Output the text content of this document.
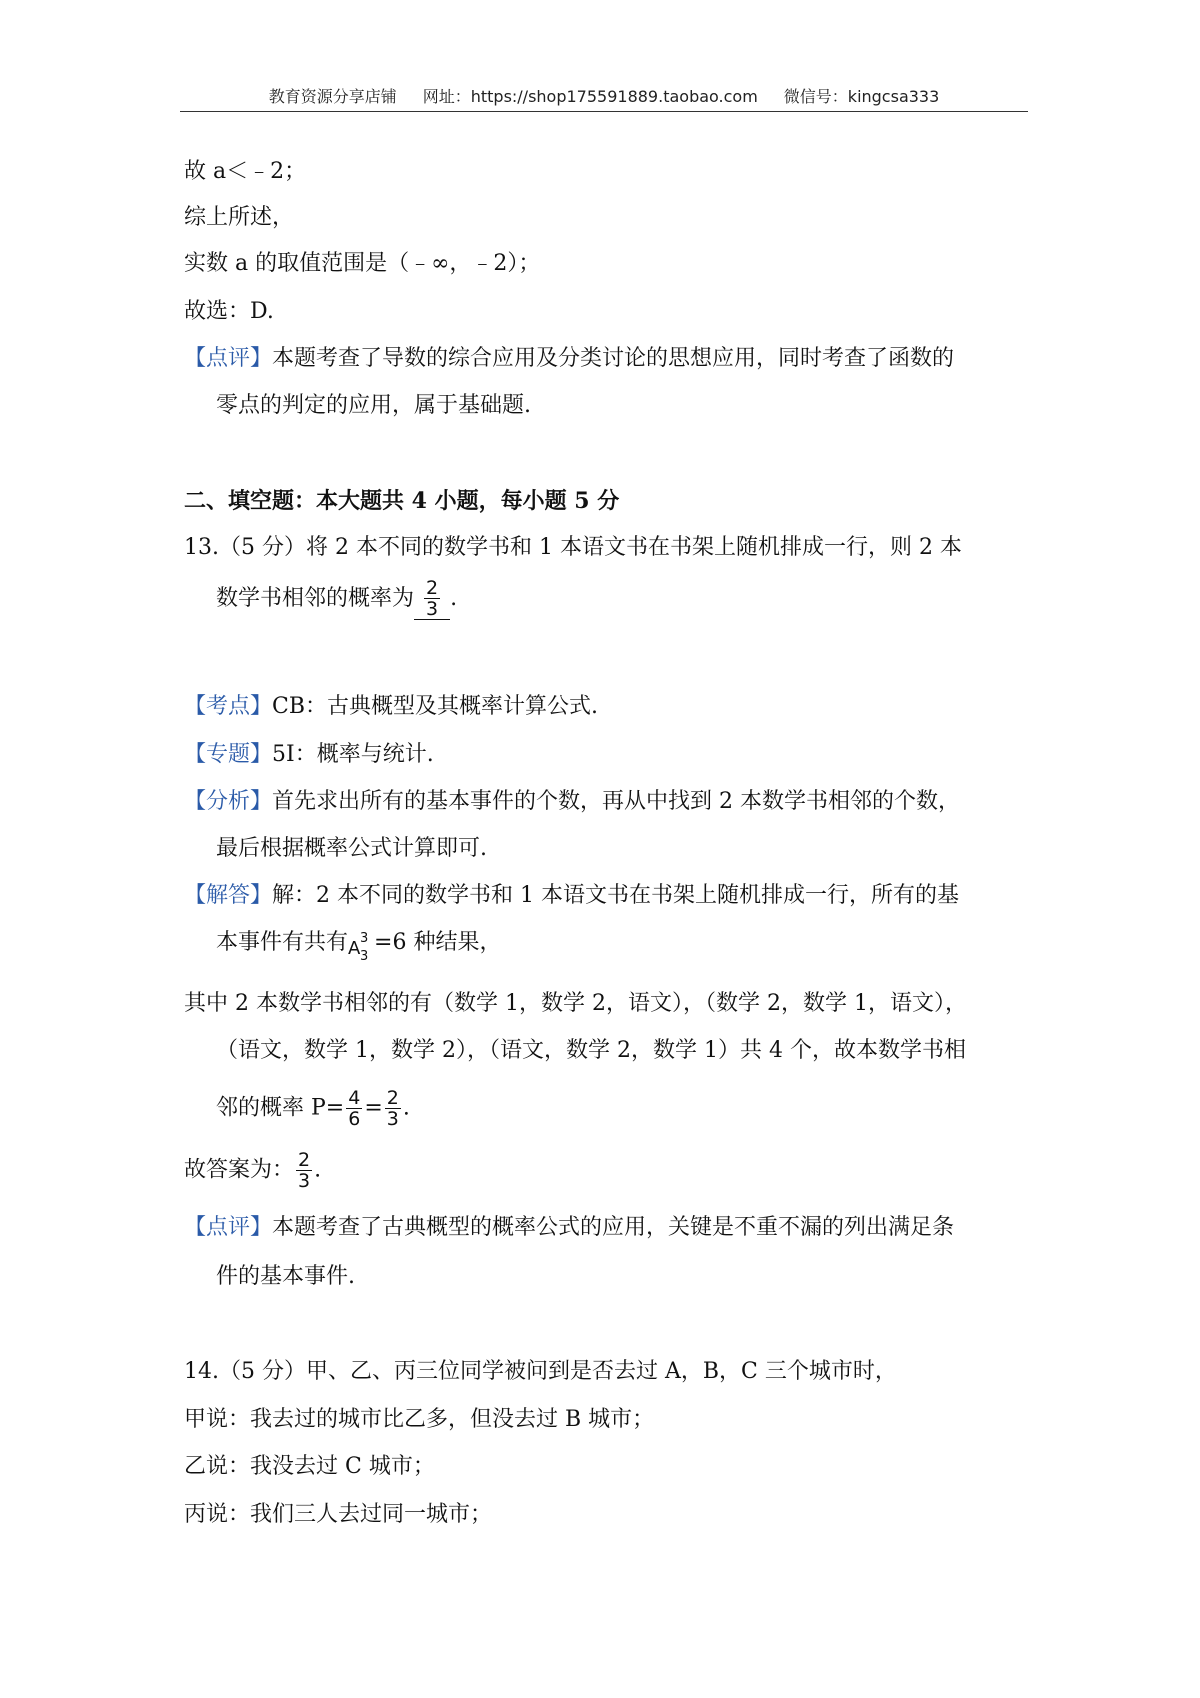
教育资源分享店铺 网址：https://shop175591889.taobao.com 微信号：kingcsa333
故 a＜﹣2；
综上所述，
实数 a 的取值范围是（﹣∞，﹣2）；
故选：D.
【点评】本题考查了导数的综合应用及分类讨论的思想应用，同时考查了函数的
零点的判定的应用，属于基础题.
二、填空题：本大题共 4 小题，每小题 5 分
13.（5 分）将 2 本不同的数学书和 1 本语文书在书架上随机排成一行，则 2 本
数学书相邻的概率为 $\frac{2}{3}$ .
【考点】CB：古典概型及其概率计算公式.
【专题】5I：概率与统计.
【分析】首先求出所有的基本事件的个数，再从中找到 2 本数学书相邻的个数，
最后根据概率公式计算即可.
【解答】解：2 本不同的数学书和 1 本语文书在书架上随机排成一行，所有的基
本事件有共有 A 3
3
=6 种结果，
其中 2 本数学书相邻的有（数学 1，数学 2，语文），（数学 2，数学 1，语文），
（语文，数学 1，数学 2），（语文，数学 2，数学 1）共 4 个，故本数学书相
邻的概率 $P= \frac{4}{6} = \frac{2}{3}$ .
故答案为： $\frac{2}{3}$ .
【点评】本题考查了古典概型的概率公式的应用，关键是不重不漏的列出满足条
件的基本事件.
14.（5 分）甲、乙、丙三位同学被问到是否去过 A，B，C 三个城市时，
甲说：我去过的城市比乙多，但没去过 B 城市；
乙说：我没去过 C 城市；
丙说：我们三人去过同一城市；
